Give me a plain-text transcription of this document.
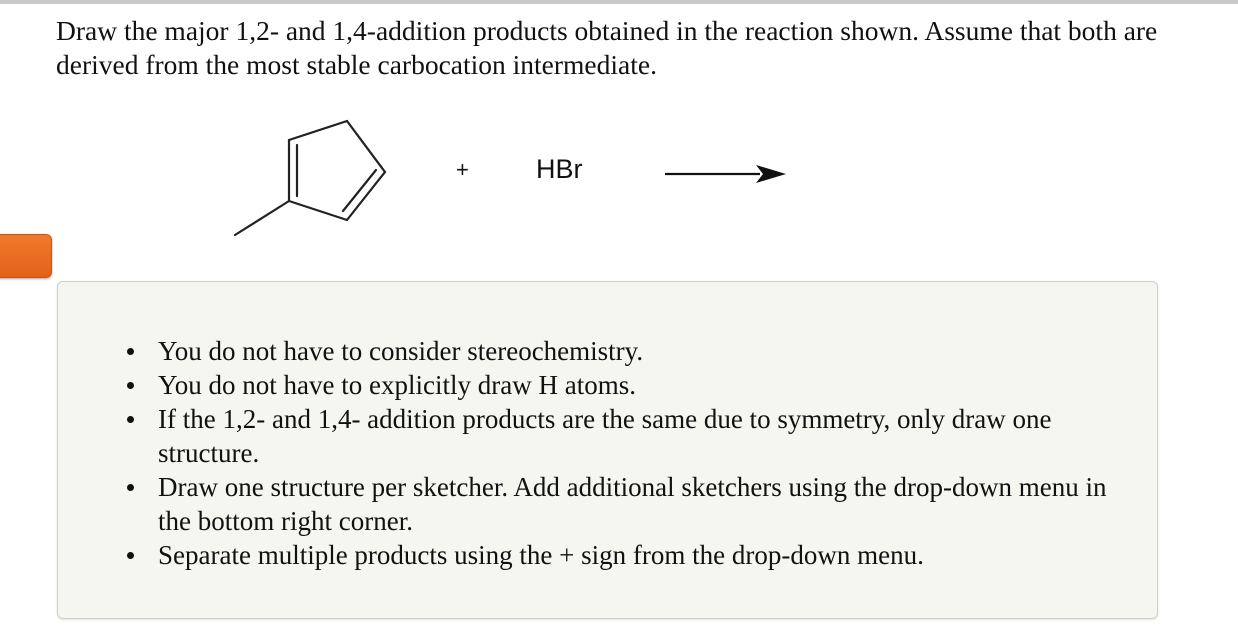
Draw the major 1,2- and 1,4-addition products obtained in the reaction shown. Assume that both are derived from the most stable carbocation intermediate.
+ HBr
You do not have to consider stereochemistry.
You do not have to explicitly draw H atoms.
If the 1,2- and 1,4- addition products are the same due to symmetry, only draw one structure.
Draw one structure per sketcher. Add additional sketchers using the drop-down menu in the bottom right corner.
Separate multiple products using the + sign from the drop-down menu.
